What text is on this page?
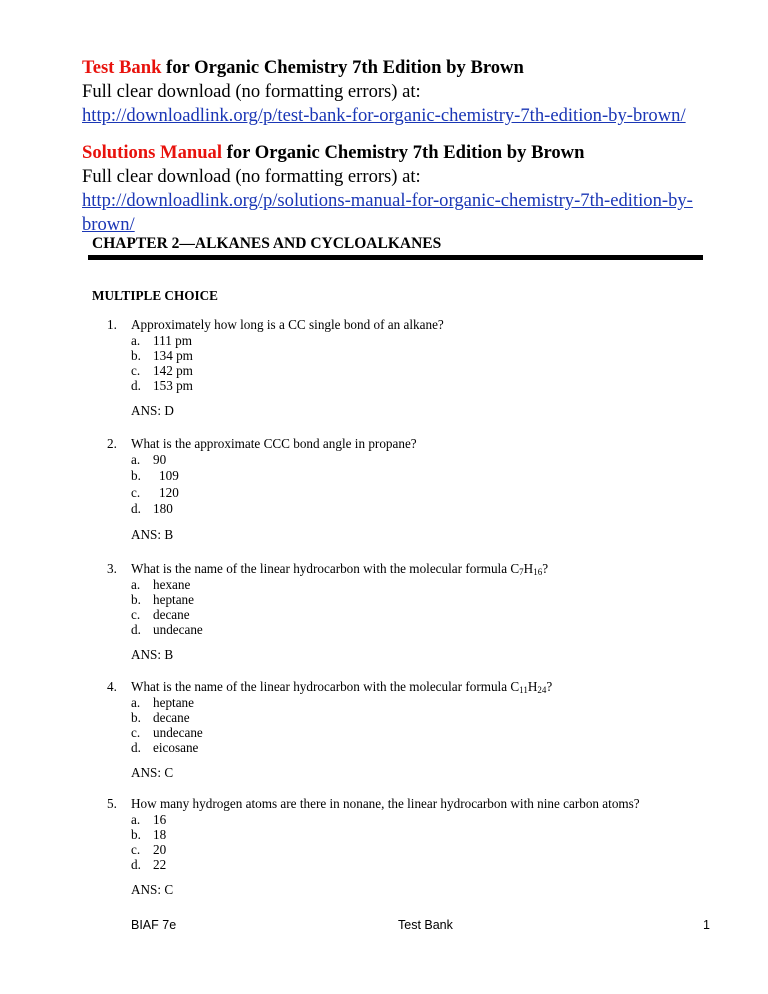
Test Bank for Organic Chemistry 7th Edition by Brown
Full clear download (no formatting errors) at:
http://downloadlink.org/p/test-bank-for-organic-chemistry-7th-edition-by-brown/
Solutions Manual for Organic Chemistry 7th Edition by Brown
Full clear download (no formatting errors) at:
http://downloadlink.org/p/solutions-manual-for-organic-chemistry-7th-edition-by-brown/
CHAPTER 2—ALKANES AND CYCLOALKANES
MULTIPLE CHOICE
1.	Approximately how long is a CC single bond of an alkane?
a. 111 pm
b. 134 pm
c. 142 pm
d. 153 pm
ANS: D
2.	What is the approximate CCC bond angle in propane?
a. 90
b.	109
c.	120
d. 180
ANS: B
3.	What is the name of the linear hydrocarbon with the molecular formula $C_7H_{16}$?
a. hexane
b. heptane
c. decane
d. undecane
ANS: B
4.	What is the name of the linear hydrocarbon with the molecular formula $C_{11}H_{24}$?
a. heptane
b. decane
c. undecane
d. eicosane
ANS: C
5.	How many hydrogen atoms are there in nonane, the linear hydrocarbon with nine carbon atoms?
a. 16
b. 18
c. 20
d. 22
ANS: C
BIAF 7e	Test Bank	1
